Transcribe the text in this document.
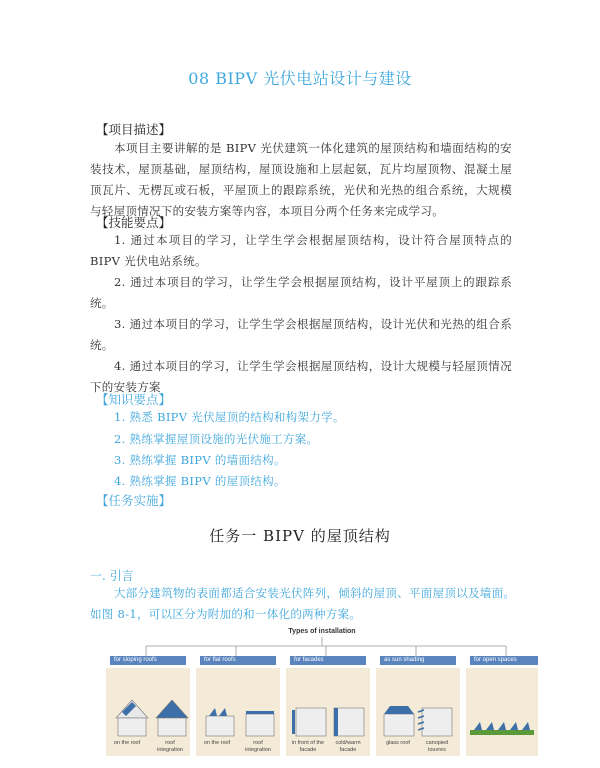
08 BIPV 光伏电站设计与建设
【项目描述】
本项目主要讲解的是 BIPV 光伏建筑一体化建筑的屋顶结构和墙面结构的安装技术，屋顶基础，屋顶结构，屋顶设施和上层起氨，瓦片均屋顶物、混凝土屋顶瓦片、无楞瓦或石板，平屋顶上的跟踪系统，光伏和光热的组合系统，大规模与轻屋顶情况下的安装方案等内容，本项目分两个任务来完成学习。
【技能要点】
1. 通过本项目的学习，让学生学会根据屋顶结构，设计符合屋顶特点的 BIPV 光伏电站系统。
2. 通过本项目的学习，让学生学会根据屋顶结构，设计平屋顶上的跟踪系统。
3. 通过本项目的学习，让学生学会根据屋顶结构，设计光伏和光热的组合系统。
4. 通过本项目的学习，让学生学会根据屋顶结构，设计大规模与轻屋顶情况下的安装方案
【知识要点】
1. 熟悉 BIPV 光伏屋顶的结构和构架力学。
2. 熟练掌握屋顶设施的光伏施工方案。
3. 熟练掌握 BIPV 的墙面结构。
4. 熟练掌握 BIPV 的屋顶结构。
【任务实施】
任务一 BIPV 的屋顶结构
一. 引言
大部分建筑物的表面都适合安装光伏阵列，倾斜的屋顶、平面屋顶以及墙面。如图 8-1，可以区分为附加的和一体化的两种方案。
Types of installation
for sloping roofs	for flat roofs	for facades	as sun shading	for open spaces
on the roof	roof integration
on the roof	roof integration
in front of the facade
cold/warm facade
glass roof	canopied louvres
